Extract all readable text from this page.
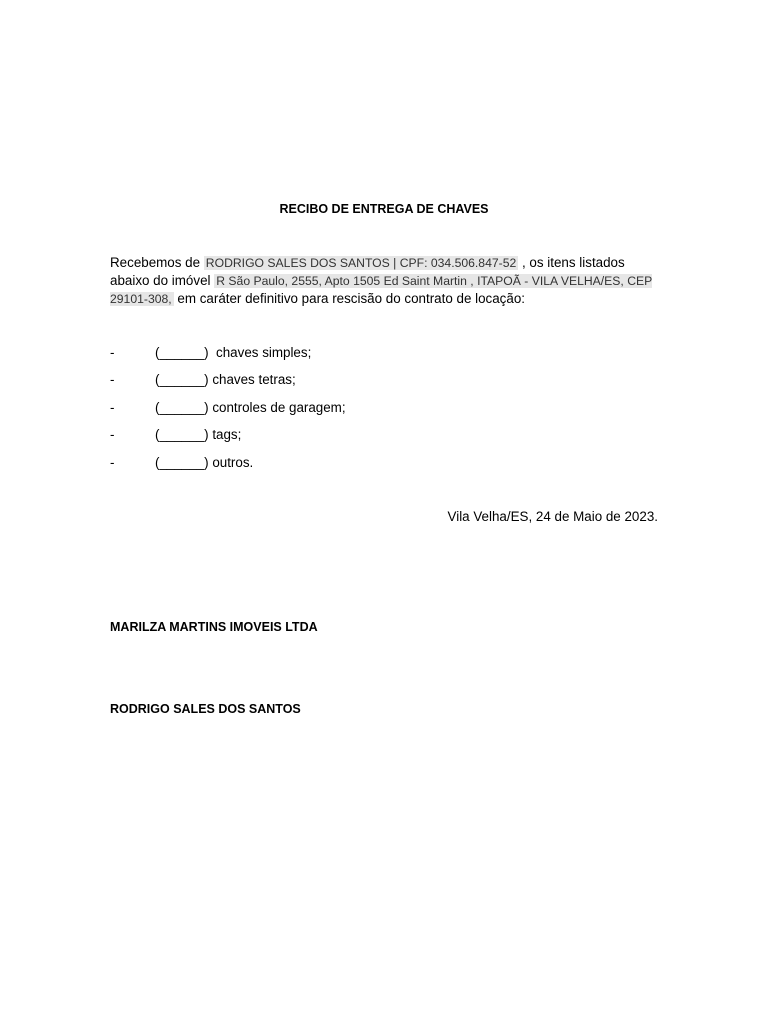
RECIBO DE ENTREGA DE CHAVES
Recebemos de RODRIGO SALES DOS SANTOS | CPF: 034.506.847-52 , os itens listados abaixo do imóvel R São Paulo, 2555, Apto 1505 Ed Saint Martin , ITAPOÃ - VILA VELHA/ES, CEP 29101-308, em caráter definitivo para rescisão do contrato de locação:
-	(______)  chaves simples;
-	(______) chaves tetras;
-	(______) controles de garagem;
-	(______) tags;
-	(______) outros.
Vila Velha/ES, 24 de Maio de 2023.
MARILZA MARTINS IMOVEIS LTDA
RODRIGO SALES DOS SANTOS
